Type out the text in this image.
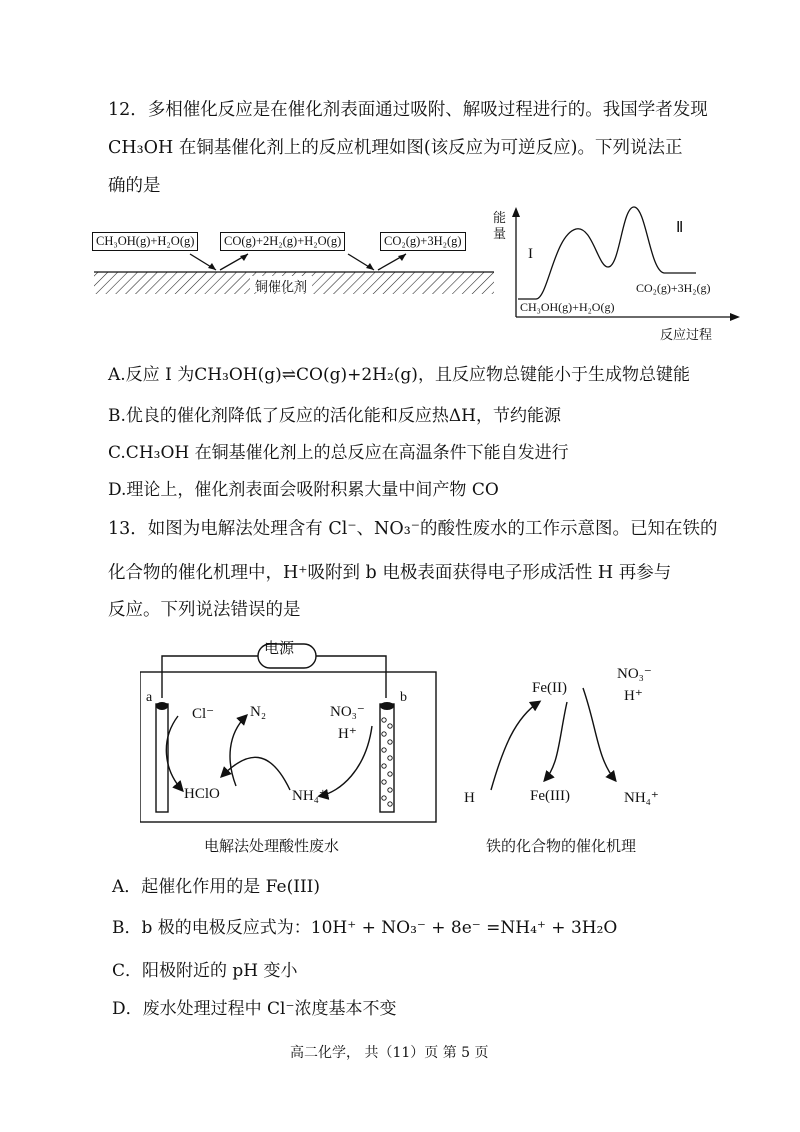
12．多相催化反应是在催化剂表面通过吸附、解吸过程进行的。我国学者发现
CH₃OH 在铜基催化剂上的反应机理如图(该反应为可逆反应)。下列说法正
确的是
CH₃OH(g)+H₂O(g)	CO(g)+2H₂(g)+H₂O(g)	CO₂(g)+3H₂(g)
铜催化剂
能量
I
Ⅱ
CH₃OH(g)+H₂O(g)
CO₂(g)+3H₂(g)
反应过程
A.反应 I 为CH₃OH(g)⇌CO(g)+2H₂(g)，且反应物总键能小于生成物总键能
B.优良的催化剂降低了反应的活化能和反应热ΔH，节约能源
C.CH₃OH 在铜基催化剂上的总反应在高温条件下能自发进行
D.理论上，催化剂表面会吸附积累大量中间产物 CO
13．如图为电解法处理含有 Cl⁻、NO₃⁻的酸性废水的工作示意图。已知在铁的
化合物的催化机理中，H⁺吸附到 b 电极表面获得电子形成活性 H 再参与
反应。下列说法错误的是
电源
a	b
Cl⁻ N₂	NO₃⁻
H⁺
HClO	NH₄⁺
电解法处理酸性废水
Fe(II)
NO₃⁻
H⁺
H	Fe(III)	NH₄⁺
铁的化合物的催化机理
A．起催化作用的是 Fe(III)
B．b 极的电极反应式为：10H⁺ + NO₃⁻ + 8e⁻ =NH₄⁺ + 3H₂O
C．阳极附近的 pH 变小
D．废水处理过程中 Cl⁻浓度基本不变
高二化学， 共（11）页 第 5 页
